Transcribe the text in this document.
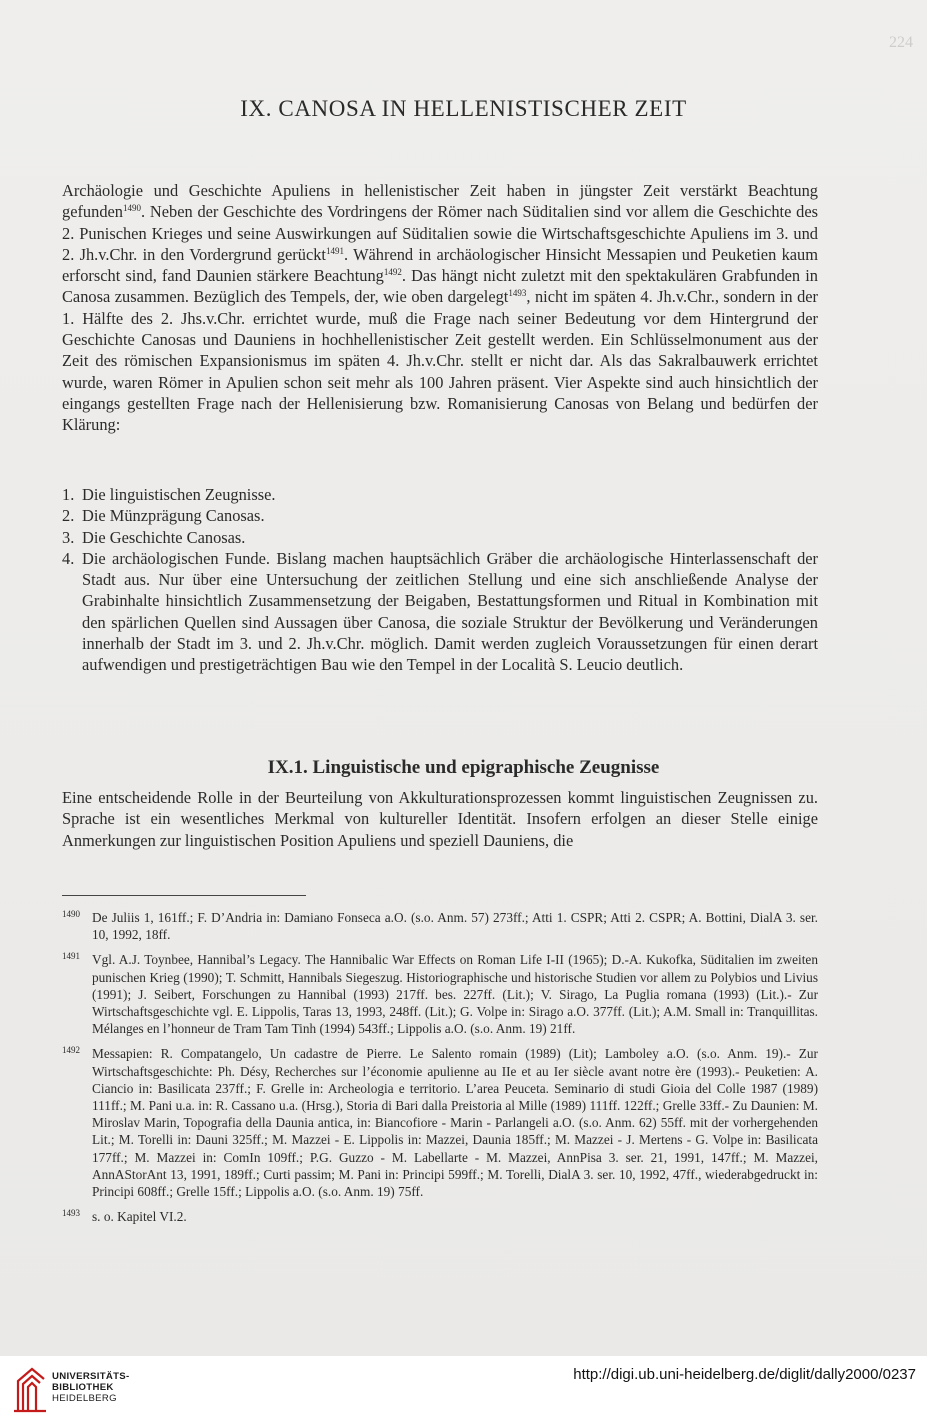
224
IX. CANOSA IN HELLENISTISCHER ZEIT

Archäologie und Geschichte Apuliens in hellenistischer Zeit haben in jüngster Zeit verstärkt Beachtung gefunden$^{1490}$. Neben der Geschichte des Vordringens der Römer nach Süditalien sind vor allem die Geschichte des 2. Punischen Krieges und seine Auswirkungen auf Süditalien sowie die Wirtschaftsgeschichte Apuliens im 3. und 2. Jh.v.Chr. in den Vordergrund gerückt$^{1491}$. Während in archäologischer Hinsicht Messapien und Peuketien kaum erforscht sind, fand Daunien stärkere Beachtung$^{1492}$. Das hängt nicht zuletzt mit den spektakulären Grabfunden in Canosa zusammen. Bezüglich des Tempels, der, wie oben dargelegt$^{1493}$, nicht im späten 4. Jh.v.Chr., sondern in der 1. Hälfte des 2. Jhs.v.Chr. errichtet wurde, muß die Frage nach seiner Bedeutung vor dem Hintergrund der Geschichte Canosas und Dauniens in hochhellenistischer Zeit gestellt werden. Ein Schlüsselmonument aus der Zeit des römischen Expansionismus im späten 4. Jh.v.Chr. stellt er nicht dar. Als das Sakralbauwerk errichtet wurde, waren Römer in Apulien schon seit mehr als 100 Jahren präsent. Vier Aspekte sind auch hinsichtlich der eingangs gestellten Frage nach der Hellenisierung bzw. Romanisierung Canosas von Belang und bedürfen der Klärung:

1. Die linguistischen Zeugnisse.
2. Die Münzprägung Canosas.
3. Die Geschichte Canosas.
4. Die archäologischen Funde. Bislang machen hauptsächlich Gräber die archäologische Hinterlassenschaft der Stadt aus. Nur über eine Untersuchung der zeitlichen Stellung und eine sich anschließende Analyse der Grabinhalte hinsichtlich Zusammensetzung der Beigaben, Bestattungsformen und Ritual in Kombination mit den spärlichen Quellen sind Aussagen über Canosa, die soziale Struktur der Bevölkerung und Veränderungen innerhalb der Stadt im 3. und 2. Jh.v.Chr. möglich. Damit werden zugleich Voraussetzungen für einen derart aufwendigen und prestigeträchtigen Bau wie den Tempel in der Località S. Leucio deutlich.
IX.1. Linguistische und epigraphische Zeugnisse

Eine entscheidende Rolle in der Beurteilung von Akkulturationsprozessen kommt linguistischen Zeugnissen zu. Sprache ist ein wesentliches Merkmal von kultureller Identität. Insofern erfolgen an dieser Stelle einige Anmerkungen zur linguistischen Position Apuliens und speziell Dauniens, die

1490 De Juliis 1, 161ff.; F. D’Andria in: Damiano Fonseca a.O. (s.o. Anm. 57) 273ff.; Atti 1. CSPR; Atti 2. CSPR; A. Bottini, DialA 3. ser. 10, 1992, 18ff.
1491 Vgl. A.J. Toynbee, Hannibal’s Legacy. The Hannibalic War Effects on Roman Life I-II (1965); D.-A. Kukofka, Süditalien im zweiten punischen Krieg (1990); T. Schmitt, Hannibals Siegeszug. Historiographische und historische Studien vor allem zu Polybios und Livius (1991); J. Seibert, Forschungen zu Hannibal (1993) 217ff. bes. 227ff. (Lit.); V. Sirago, La Puglia romana (1993) (Lit.).- Zur Wirtschaftsgeschichte vgl. E. Lippolis, Taras 13, 1993, 248ff. (Lit.); G. Volpe in: Sirago a.O. 377ff. (Lit.); A.M. Small in: Tranquillitas. Mélanges en l’honneur de Tram Tam Tinh (1994) 543ff.; Lippolis a.O. (s.o. Anm. 19) 21ff.
1492 Messapien: R. Compatangelo, Un cadastre de Pierre. Le Salento romain (1989) (Lit); Lamboley a.O. (s.o. Anm. 19).- Zur Wirtschaftsgeschichte: Ph. Désy, Recherches sur l’économie apulienne au IIe et au Ier siècle avant notre ère (1993).- Peuketien: A. Ciancio in: Basilicata 237ff.; F. Grelle in: Archeologia e territorio. L’area Peuceta. Seminario di studi Gioia del Colle 1987 (1989) 111ff.; M. Pani u.a. in: R. Cassano u.a. (Hrsg.), Storia di Bari dalla Preistoria al Mille (1989) 111ff. 122ff.; Grelle 33ff.- Zu Daunien: M. Miroslav Marin, Topografia della Daunia antica, in: Biancofiore - Marin - Parlangeli a.O. (s.o. Anm. 62) 55ff. mit der vorhergehenden Lit.; M. Torelli in: Dauni 325ff.; M. Mazzei - E. Lippolis in: Mazzei, Daunia 185ff.; M. Mazzei - J. Mertens - G. Volpe in: Basilicata 177ff.; M. Mazzei in: ComIn 109ff.; P.G. Guzzo - M. Labellarte - M. Mazzei, AnnPisa 3. ser. 21, 1991, 147ff.; M. Mazzei, AnnAStorAnt 13, 1991, 189ff.; Curti passim; M. Pani in: Principi 599ff.; M. Torelli, DialA 3. ser. 10, 1992, 47ff., wiederabgedruckt in: Principi 608ff.; Grelle 15ff.; Lippolis a.O. (s.o. Anm. 19) 75ff.
1493 s. o. Kapitel VI.2.
UNIVERSITÄTS-
BIBLIOTHEK
HEIDELBERG
http://digi.ub.uni-heidelberg.de/diglit/dally2000/0237
